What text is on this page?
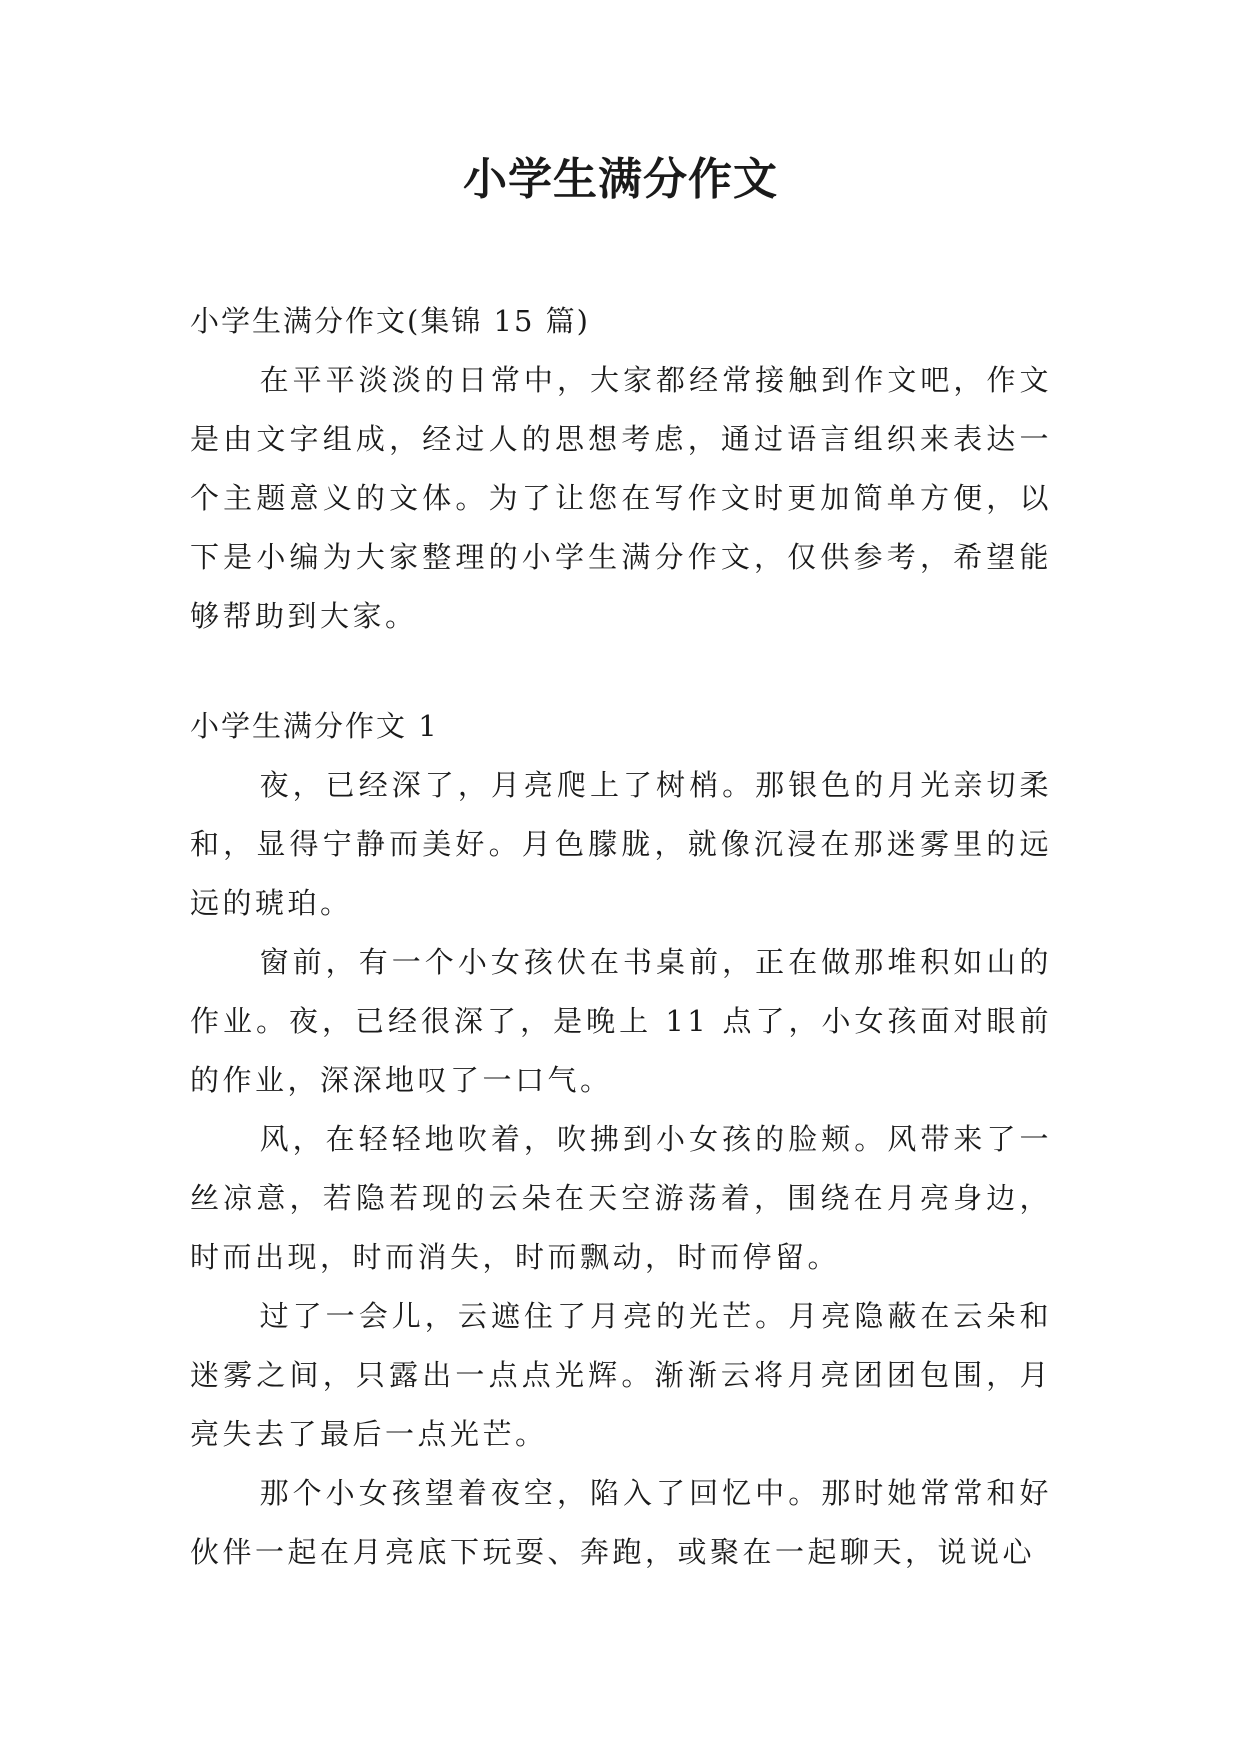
小学生满分作文

小学生满分作文(集锦 15 篇)

在平平淡淡的日常中，大家都经常接触到作文吧，作文是由文字组成，经过人的思想考虑，通过语言组织来表达一个主题意义的文体。为了让您在写作文时更加简单方便，以下是小编为大家整理的小学生满分作文，仅供参考，希望能够帮助到大家。

小学生满分作文 1

夜，已经深了，月亮爬上了树梢。那银色的月光亲切柔和，显得宁静而美好。月色朦胧，就像沉浸在那迷雾里的远远的琥珀。

窗前，有一个小女孩伏在书桌前，正在做那堆积如山的作业。夜，已经很深了，是晚上 11 点了，小女孩面对眼前的作业，深深地叹了一口气。

风，在轻轻地吹着，吹拂到小女孩的脸颊。风带来了一丝凉意，若隐若现的云朵在天空游荡着，围绕在月亮身边，时而出现，时而消失，时而飘动，时而停留。

过了一会儿，云遮住了月亮的光芒。月亮隐蔽在云朵和迷雾之间，只露出一点点光辉。渐渐云将月亮团团包围，月亮失去了最后一点光芒。

那个小女孩望着夜空，陷入了回忆中。那时她常常和好伙伴一起在月亮底下玩耍、奔跑，或聚在一起聊天，说说心
